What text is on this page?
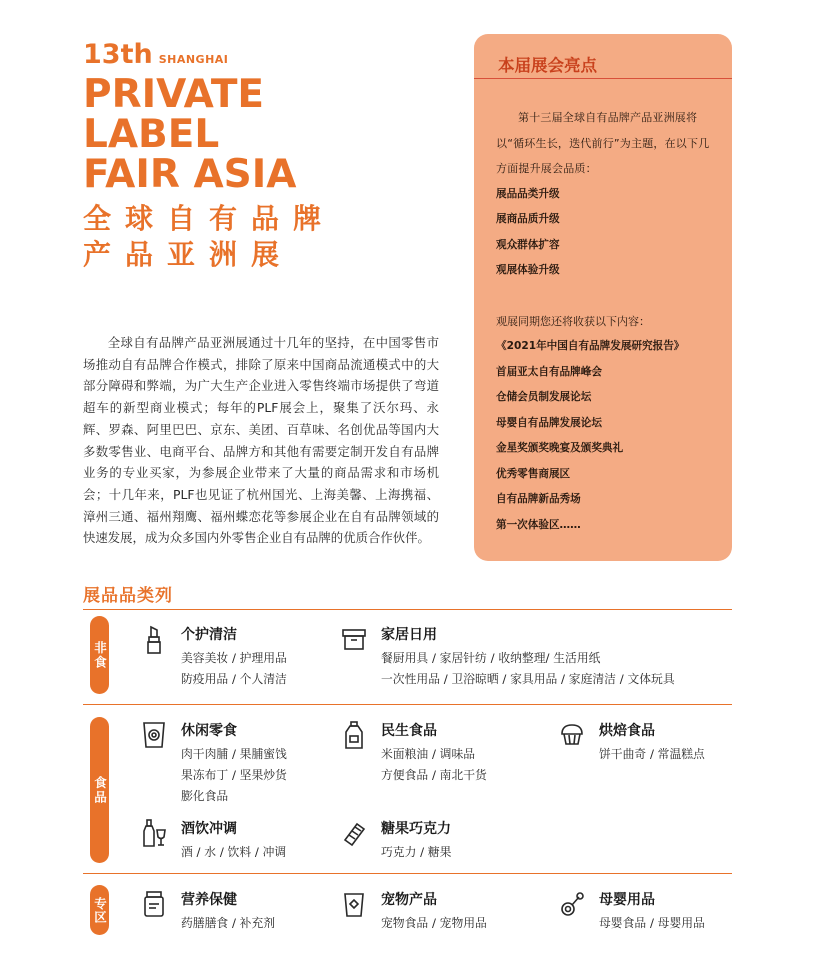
13th SHANGHAI
PRIVATE
LABEL
FAIR ASIA
全球自有品牌
产品亚洲展

全球自有品牌产品亚洲展通过十几年的坚持，在中国零售市场推动自有品牌合作模式，排除了原来中国商品流通模式中的大部分障碍和弊端，为广大生产企业进入零售终端市场提供了弯道超车的新型商业模式；每年的PLF展会上，聚集了沃尔玛、永辉、罗森、阿里巴巴、京东、美团、百草味、名创优品等国内大多数零售业、电商平台、品牌方和其他有需要定制开发自有品牌业务的专业买家，为参展企业带来了大量的商品需求和市场机会；十几年来，PLF也见证了杭州国光、上海美馨、上海携福、漳州三通、福州翔鹰、福州蝶恋花等参展企业在自有品牌领域的快速发展，成为众多国内外零售企业自有品牌的优质合作伙伴。

本届展会亮点
第十三届全球自有品牌产品亚洲展将以“循环生长，迭代前行”为主题，在以下几方面提升展会品质：
展品品类升级
展商品质升级
观众群体扩容
观展体验升级
观展同期您还将收获以下内容：
《2021年中国自有品牌发展研究报告》
首届亚太自有品牌峰会
仓储会员制发展论坛
母婴自有品牌发展论坛
金星奖颁奖晚宴及颁奖典礼
优秀零售商展区
自有品牌新品秀场
第一次体验区……
展品品类列
非食
食品
专区
个护清洁
美容美妆 / 护理用品
防疫用品 / 个人清洁
家居日用
餐厨用具 / 家居针纺 / 收纳整理/ 生活用纸
一次性用品 / 卫浴晾晒 / 家具用品 / 家庭清洁 / 文体玩具
休闲零食
肉干肉脯 / 果脯蜜饯
果冻布丁 / 坚果炒货
膨化食品
民生食品
米面粮油 / 调味品
方便食品 / 南北干货
烘焙食品
饼干曲奇 / 常温糕点
酒饮冲调
酒 / 水 / 饮料 / 冲调
糖果巧克力
巧克力 / 糖果
营养保健
药膳膳食 / 补充剂
宠物产品
宠物食品 / 宠物用品
母婴用品
母婴食品 / 母婴用品
